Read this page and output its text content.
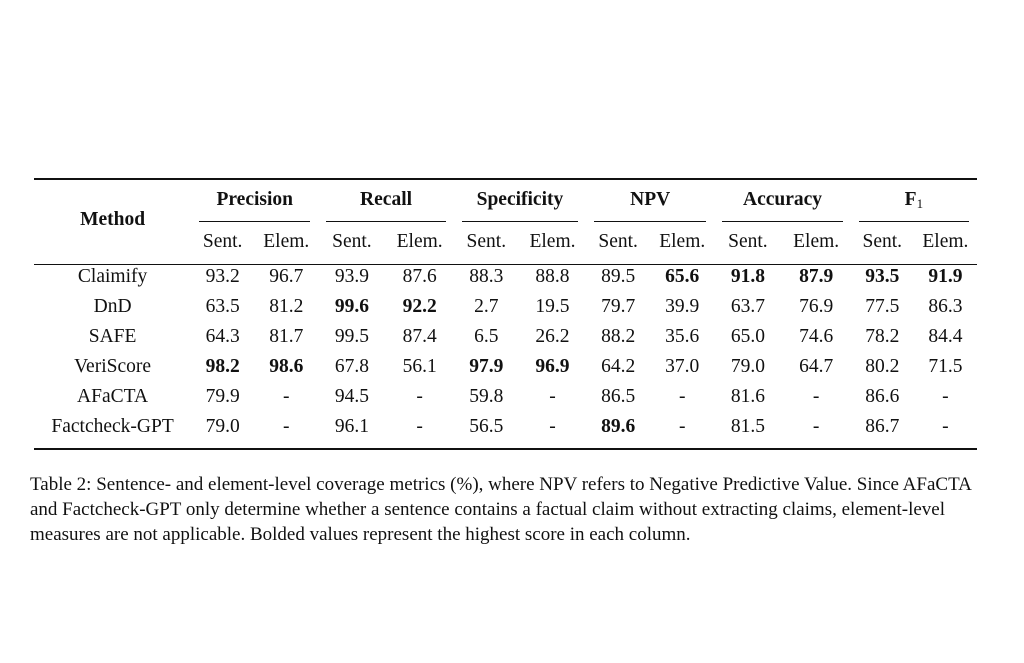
Method	Precision		Recall		Specificity		NPV		Accuracy		$F_1$

	Sent.	Elem.	Sent.	Elem.	Sent.	Elem.	Sent.	Elem.	Sent.	Elem.	Sent.	Elem.
Claimify	93.2	96.7	93.9	87.6	88.3	88.8	89.5	65.6	91.8	87.9	93.5	91.9
DnD	63.5	81.2	99.6	92.2	2.7	19.5	79.7	39.9	63.7	76.9	77.5	86.3
SAFE	64.3	81.7	99.5	87.4	6.5	26.2	88.2	35.6	65.0	74.6	78.2	84.4
VeriScore	98.2	98.6	67.8	56.1	97.9	96.9	64.2	37.0	79.0	64.7	80.2	71.5
AFaCTA	79.9	-	94.5	-	59.8	-	86.5	-	81.6	-	86.6	-
Factcheck-GPT	79.0	-	96.1	-	56.5	-	89.6	-	81.5	-	86.7	-
Table 2: Sentence- and element-level coverage metrics (%), where NPV refers to Negative Predictive Value. Since AFaCTA and Factcheck-GPT only determine whether a sentence contains a factual claim without extracting claims, element-level measures are not applicable. Bolded values represent the highest score in each column.
